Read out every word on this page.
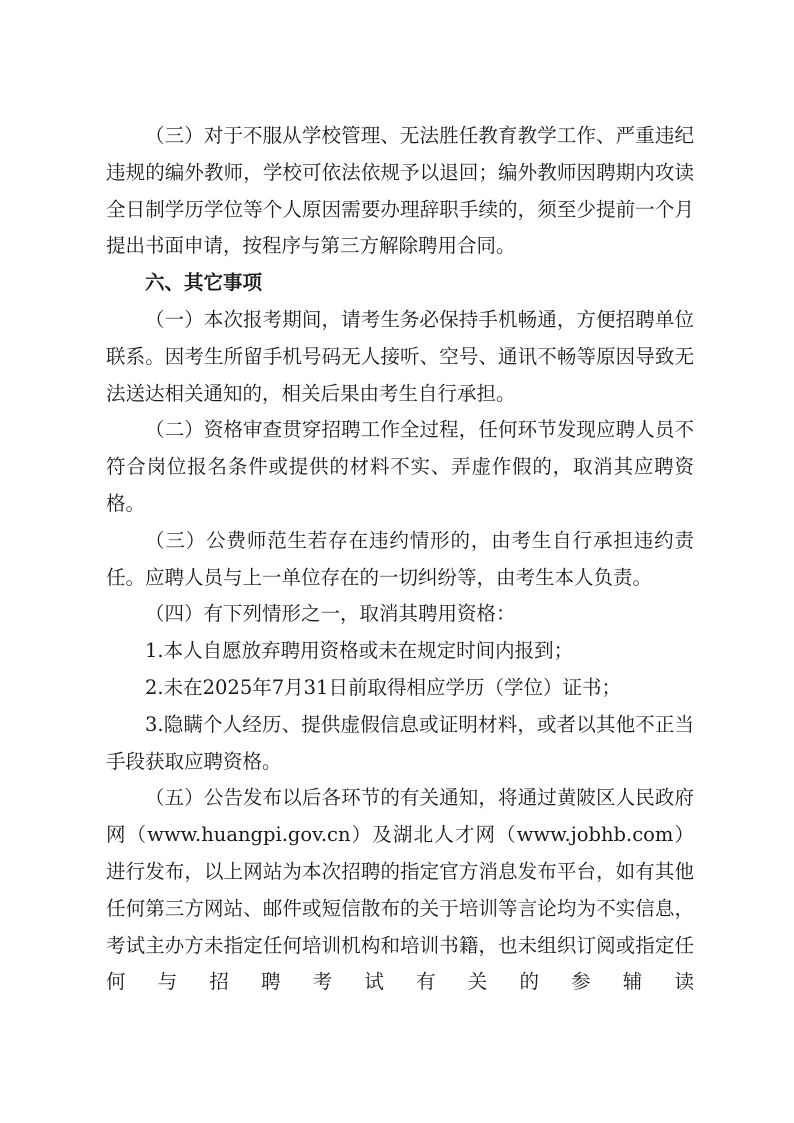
（三）对于不服从学校管理、无法胜任教育教学工作、严重违纪违规的编外教师，学校可依法依规予以退回；编外教师因聘期内攻读全日制学历学位等个人原因需要办理辞职手续的，须至少提前一个月提出书面申请，按程序与第三方解除聘用合同。

六、其它事项

（一）本次报考期间，请考生务必保持手机畅通，方便招聘单位联系。因考生所留手机号码无人接听、空号、通讯不畅等原因导致无法送达相关通知的，相关后果由考生自行承担。

（二）资格审查贯穿招聘工作全过程，任何环节发现应聘人员不符合岗位报名条件或提供的材料不实、弄虚作假的，取消其应聘资格。

（三）公费师范生若存在违约情形的，由考生自行承担违约责任。应聘人员与上一单位存在的一切纠纷等，由考生本人负责。

（四）有下列情形之一，取消其聘用资格：

1.本人自愿放弃聘用资格或未在规定时间内报到；

2.未在2025年7月31日前取得相应学历（学位）证书；

3.隐瞒个人经历、提供虚假信息或证明材料，或者以其他不正当手段获取应聘资格。

（五）公告发布以后各环节的有关通知，将通过黄陂区人民政府网（www.huangpi.gov.cn）及湖北人才网（www.jobhb.com）进行发布，以上网站为本次招聘的指定官方消息发布平台，如有其他任何第三方网站、邮件或短信散布的关于培训等言论均为不实信息，考试主办方未指定任何培训机构和培训书籍，也未组织订阅或指定任何与招聘考试有关的参辅读
